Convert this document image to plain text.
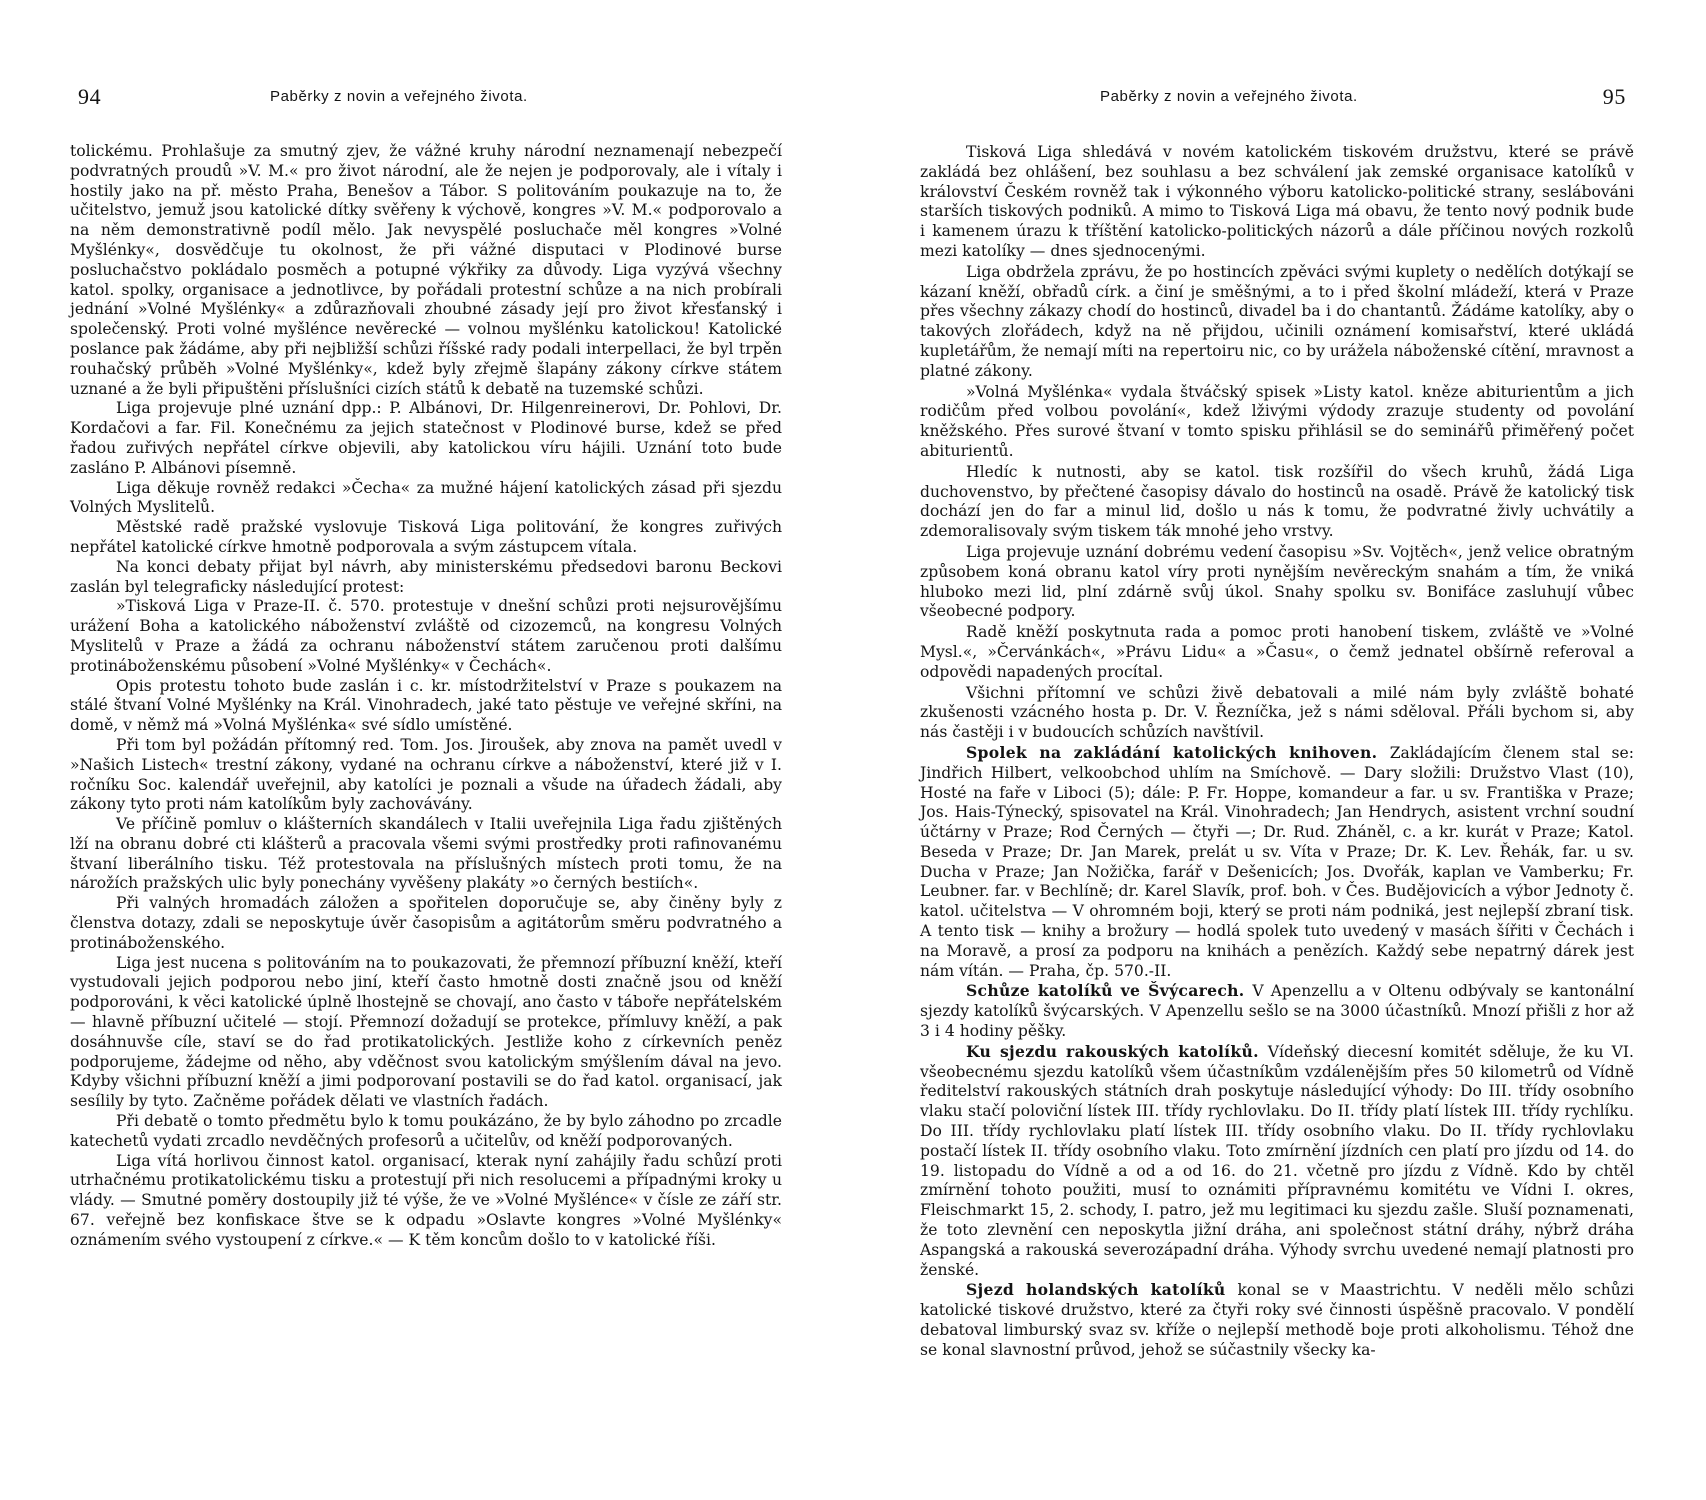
94	Paběrky z novin a veřejného života.

tolickému. Prohlašuje za smutný zjev, že vážné kruhy národní neznamenají nebezpečí podvratných proudů »V. M.« pro život národní, ale že nejen je podporovaly, ale i vítaly i hostily jako na př. město Praha, Benešov a Tábor. S politováním poukazuje na to, že učitelstvo, jemuž jsou katolické dítky svěřeny k výchově, kongres »V. M.« podporovalo a na něm demonstrativně podíl mělo. Jak nevyspělé posluchače měl kongres »Volné Myšlénky«, dosvědčuje tu okolnost, že při vážné disputaci v Plodinové burse posluchačstvo pokládalo posměch a potupné výkřiky za důvody. Liga vyzývá všechny katol. spolky, organisace a jednotlivce, by pořádali protestní schůze a na nich probírali jednání »Volné Myšlénky« a zdůrazňovali zhoubné zásady její pro život křesťanský i společenský. Proti volné myšlénce nevěrecké — volnou myšlénku katolickou! Katolické poslance pak žádáme, aby při nejbližší schůzi říšské rady podali interpellaci, že byl trpěn rouhačský průběh »Volné Myšlénky«, kdež byly zřejmě šlapány zákony církve státem uznané a že byli připuštěni příslušníci cizích států k debatě na tuzemské schůzi.

Liga projevuje plné uznání dpp.: P. Albánovi, Dr. Hilgenreinerovi, Dr. Pohlovi, Dr. Kordačovi a far. Fil. Konečnému za jejich statečnost v Plodinové burse, kdež se před řadou zuřivých nepřátel církve objevili, aby katolickou víru hájili. Uznání toto bude zasláno P. Albánovi písemně.

Liga děkuje rovněž redakci »Čecha« za mužné hájení katolických zásad při sjezdu Volných Myslitelů.

Městské radě pražské vyslovuje Tisková Liga politování, že kongres zuřivých nepřátel katolické církve hmotně podporovala a svým zástupcem vítala.

Na konci debaty přijat byl návrh, aby ministerskému předsedovi baronu Beckovi zaslán byl telegraficky následující protest:

»Tisková Liga v Praze-II. č. 570. protestuje v dnešní schůzi proti nejsurovějšímu urážení Boha a katolického náboženství zvláště od cizozemců, na kongresu Volných Myslitelů v Praze a žádá za ochranu náboženství státem zaručenou proti dalšímu protináboženskému působení »Volné Myšlénky« v Čechách«.

Opis protestu tohoto bude zaslán i c. kr. místodržitelství v Praze s poukazem na stálé štvaní Volné Myšlénky na Král. Vinohradech, jaké tato pěstuje ve veřejné skříni, na domě, v němž má »Volná Myšlénka« své sídlo umístěné.

Při tom byl požádán přítomný red. Tom. Jos. Jiroušek, aby znova na pamět uvedl v »Našich Listech« trestní zákony, vydané na ochranu církve a náboženství, které již v I. ročníku Soc. kalendář uveřejnil, aby katolíci je poznali a všude na úřadech žádali, aby zákony tyto proti nám katolíkům byly zachovávány.

Ve příčině pomluv o klášterních skandálech v Italii uveřejnila Liga řadu zjištěných lží na obranu dobré cti klášterů a pracovala všemi svými prostředky proti rafinovanému štvaní liberálního tisku. Též protestovala na příslušných místech proti tomu, že na nárožích pražských ulic byly ponechány vyvěšeny plakáty »o černých bestiích«.

Při valných hromadách záložen a spořitelen doporučuje se, aby činěny byly z členstva dotazy, zdali se neposkytuje úvěr časopisům a agitátorům směru podvratného a protináboženského.

Liga jest nucena s politováním na to poukazovati, že přemnozí příbuzní kněží, kteří vystudovali jejich podporou nebo jiní, kteří často hmotně dosti značně jsou od kněží podporováni, k věci katolické úplně lhostejně se chovají, ano často v táboře nepřátelském — hlavně příbuzní učitelé — stojí. Přemnozí dožadují se protekce, přímluvy kněží, a pak dosáhnuvše cíle, staví se do řad protikatolických. Jestliže koho z církevních peněz podporujeme, žádejme od něho, aby vděčnost svou katolickým smýšlením dával na jevo. Kdyby všichni příbuzní kněží a jimi podporovaní postavili se do řad katol. organisací, jak sesílily by tyto. Začněme pořádek dělati ve vlastních řadách.

Při debatě o tomto předmětu bylo k tomu poukázáno, že by bylo záhodno po zrcadle katechetů vydati zrcadlo nevděčných profesorů a učitelův, od kněží podporovaných.

Liga vítá horlivou činnost katol. organisací, kterak nyní zahájily řadu schůzí proti utrhačnému protikatolickému tisku a protestují při nich resolucemi a případnými kroky u vlády. — Smutné poměry dostoupily již té výše, že ve »Volné Myšlénce« v čísle ze září str. 67. veřejně bez konfiskace štve se k odpadu »Oslavte kongres »Volné Myšlénky« oznámením svého vystoupení z církve.« — K těm koncům došlo to v katolické říši.

Paběrky z novin a veřejného života.	95

Tisková Liga shledává v novém katolickém tiskovém družstvu, které se právě zakládá bez ohlášení, bez souhlasu a bez schválení jak zemské organisace katolíků v království Českém rovněž tak i výkonného výboru katolicko-politické strany, seslábováni starších tiskových podniků. A mimo to Tisková Liga má obavu, že tento nový podnik bude i kamenem úrazu k tříštění katolicko-politických názorů a dále příčinou nových rozkolů mezi katolíky — dnes sjednocenými.

Liga obdržela zprávu, že po hostincích zpěváci svými kuplety o nedělích dotýkají se kázaní kněží, obřadů círk. a činí je směšnými, a to i před školní mládeží, která v Praze přes všechny zákazy chodí do hostinců, divadel ba i do chantantů. Žádáme katolíky, aby o takových zlořádech, když na ně přijdou, učinili oznámení komisařství, které ukládá kupletářům, že nemají míti na repertoiru nic, co by urážela náboženské cítění, mravnost a platné zákony.

»Volná Myšlénka« vydala štváčský spisek »Listy katol. kněze abiturientům a jich rodičům před volbou povolání«, kdež lživými výdody zrazuje studenty od povolání kněžského. Přes surové štvaní v tomto spisku přihlásil se do seminářů přiměřený počet abiturientů.

Hledíc k nutnosti, aby se katol. tisk rozšířil do všech kruhů, žádá Liga duchovenstvo, by přečtené časopisy dávalo do hostinců na osadě. Právě že katolický tisk dochází jen do far a minul lid, došlo u nás k tomu, že podvratné živly uchvátily a zdemoralisovaly svým tiskem ták mnohé jeho vrstvy.

Liga projevuje uznání dobrému vedení časopisu »Sv. Vojtěch«, jenž velice obratným způsobem koná obranu katol víry proti nynějším nevěreckým snahám a tím, že vniká hluboko mezi lid, plní zdárně svůj úkol. Snahy spolku sv. Bonifáce zasluhují vůbec všeobecné podpory.

Radě kněží poskytnuta rada a pomoc proti hanobení tiskem, zvláště ve »Volné Mysl.«, »Červánkách«, »Právu Lidu« a »Času«, o čemž jednatel obšírně referoval a odpovědi napadených procítal.

Všichni přítomní ve schůzi živě debatovali a milé nám byly zvláště bohaté zkušenosti vzácného hosta p. Dr. V. Řezníčka, jež s námi sděloval. Přáli bychom si, aby nás častěji i v budoucích schůzích navštívil.

Spolek na zakládání katolických knihoven. Zakládajícím členem stal se: Jindřich Hilbert, velkoobchod uhlím na Smíchově. — Dary složili: Družstvo Vlast (10), Hosté na faře v Liboci (5); dále: P. Fr. Hoppe, komandeur a far. u sv. Františka v Praze; Jos. Hais-Týnecký, spisovatel na Král. Vinohradech; Jan Hendrych, asistent vrchní soudní účtárny v Praze; Rod Černých — čtyři —; Dr. Rud. Zháněl, c. a kr. kurát v Praze; Katol. Beseda v Praze; Dr. Jan Marek, prelát u sv. Víta v Praze; Dr. K. Lev. Řehák, far. u sv. Ducha v Praze; Jan Nožička, farář v Dešenicích; Jos. Dvořák, kaplan ve Vamberku; Fr. Leubner. far. v Bechlíně; dr. Karel Slavík, prof. boh. v Čes. Budějovicích a výbor Jednoty č. katol. učitelstva — V ohromném boji, který se proti nám podniká, jest nejlepší zbraní tisk. A tento tisk — knihy a brožury — hodlá spolek tuto uvedený v masách šířiti v Čechách i na Moravě, a prosí za podporu na knihách a penězích. Každý sebe nepatrný dárek jest nám vítán. — Praha, čp. 570.-II.

Schůze katolíků ve Švýcarech. V Apenzellu a v Oltenu odbývaly se kantonální sjezdy katolíků švýcarských. V Apenzellu sešlo se na 3000 účastníků. Mnozí přišli z hor až 3 i 4 hodiny pěšky.

Ku sjezdu rakouských katolíků. Vídeňský diecesní komitét sděluje, že ku VI. všeobecnému sjezdu katolíků všem účastníkům vzdálenějším přes 50 kilometrů od Vídně ředitelství rakouských státních drah poskytuje následující výhody: Do III. třídy osobního vlaku stačí poloviční lístek III. třídy rychlovlaku. Do II. třídy platí lístek III. třídy rychlíku. Do III. třídy rychlovlaku platí lístek III. třídy osobního vlaku. Do II. třídy rychlovlaku postačí lístek II. třídy osobního vlaku. Toto zmírnění jízdních cen platí pro jízdu od 14. do 19. listopadu do Vídně a od a od 16. do 21. včetně pro jízdu z Vídně. Kdo by chtěl zmírnění tohoto použiti, musí to oznámiti přípravnému komitétu ve Vídni I. okres, Fleischmarkt 15, 2. schody, I. patro, jež mu legitimaci ku sjezdu zašle. Sluší poznamenati, že toto zlevnění cen neposkytla jižní dráha, ani společnost státní dráhy, nýbrž dráha Aspangská a rakouská severozápadní dráha. Výhody svrchu uvedené nemají platnosti pro ženské.

Sjezd holandských katolíků konal se v Maastrichtu. V neděli mělo schůzi katolické tiskové družstvo, které za čtyři roky své činnosti úspěšně pracovalo. V pondělí debatoval limburský svaz sv. kříže o nejlepší methodě boje proti alkoholismu. Téhož dne se konal slavnostní průvod, jehož se súčastnily všecky ka-
